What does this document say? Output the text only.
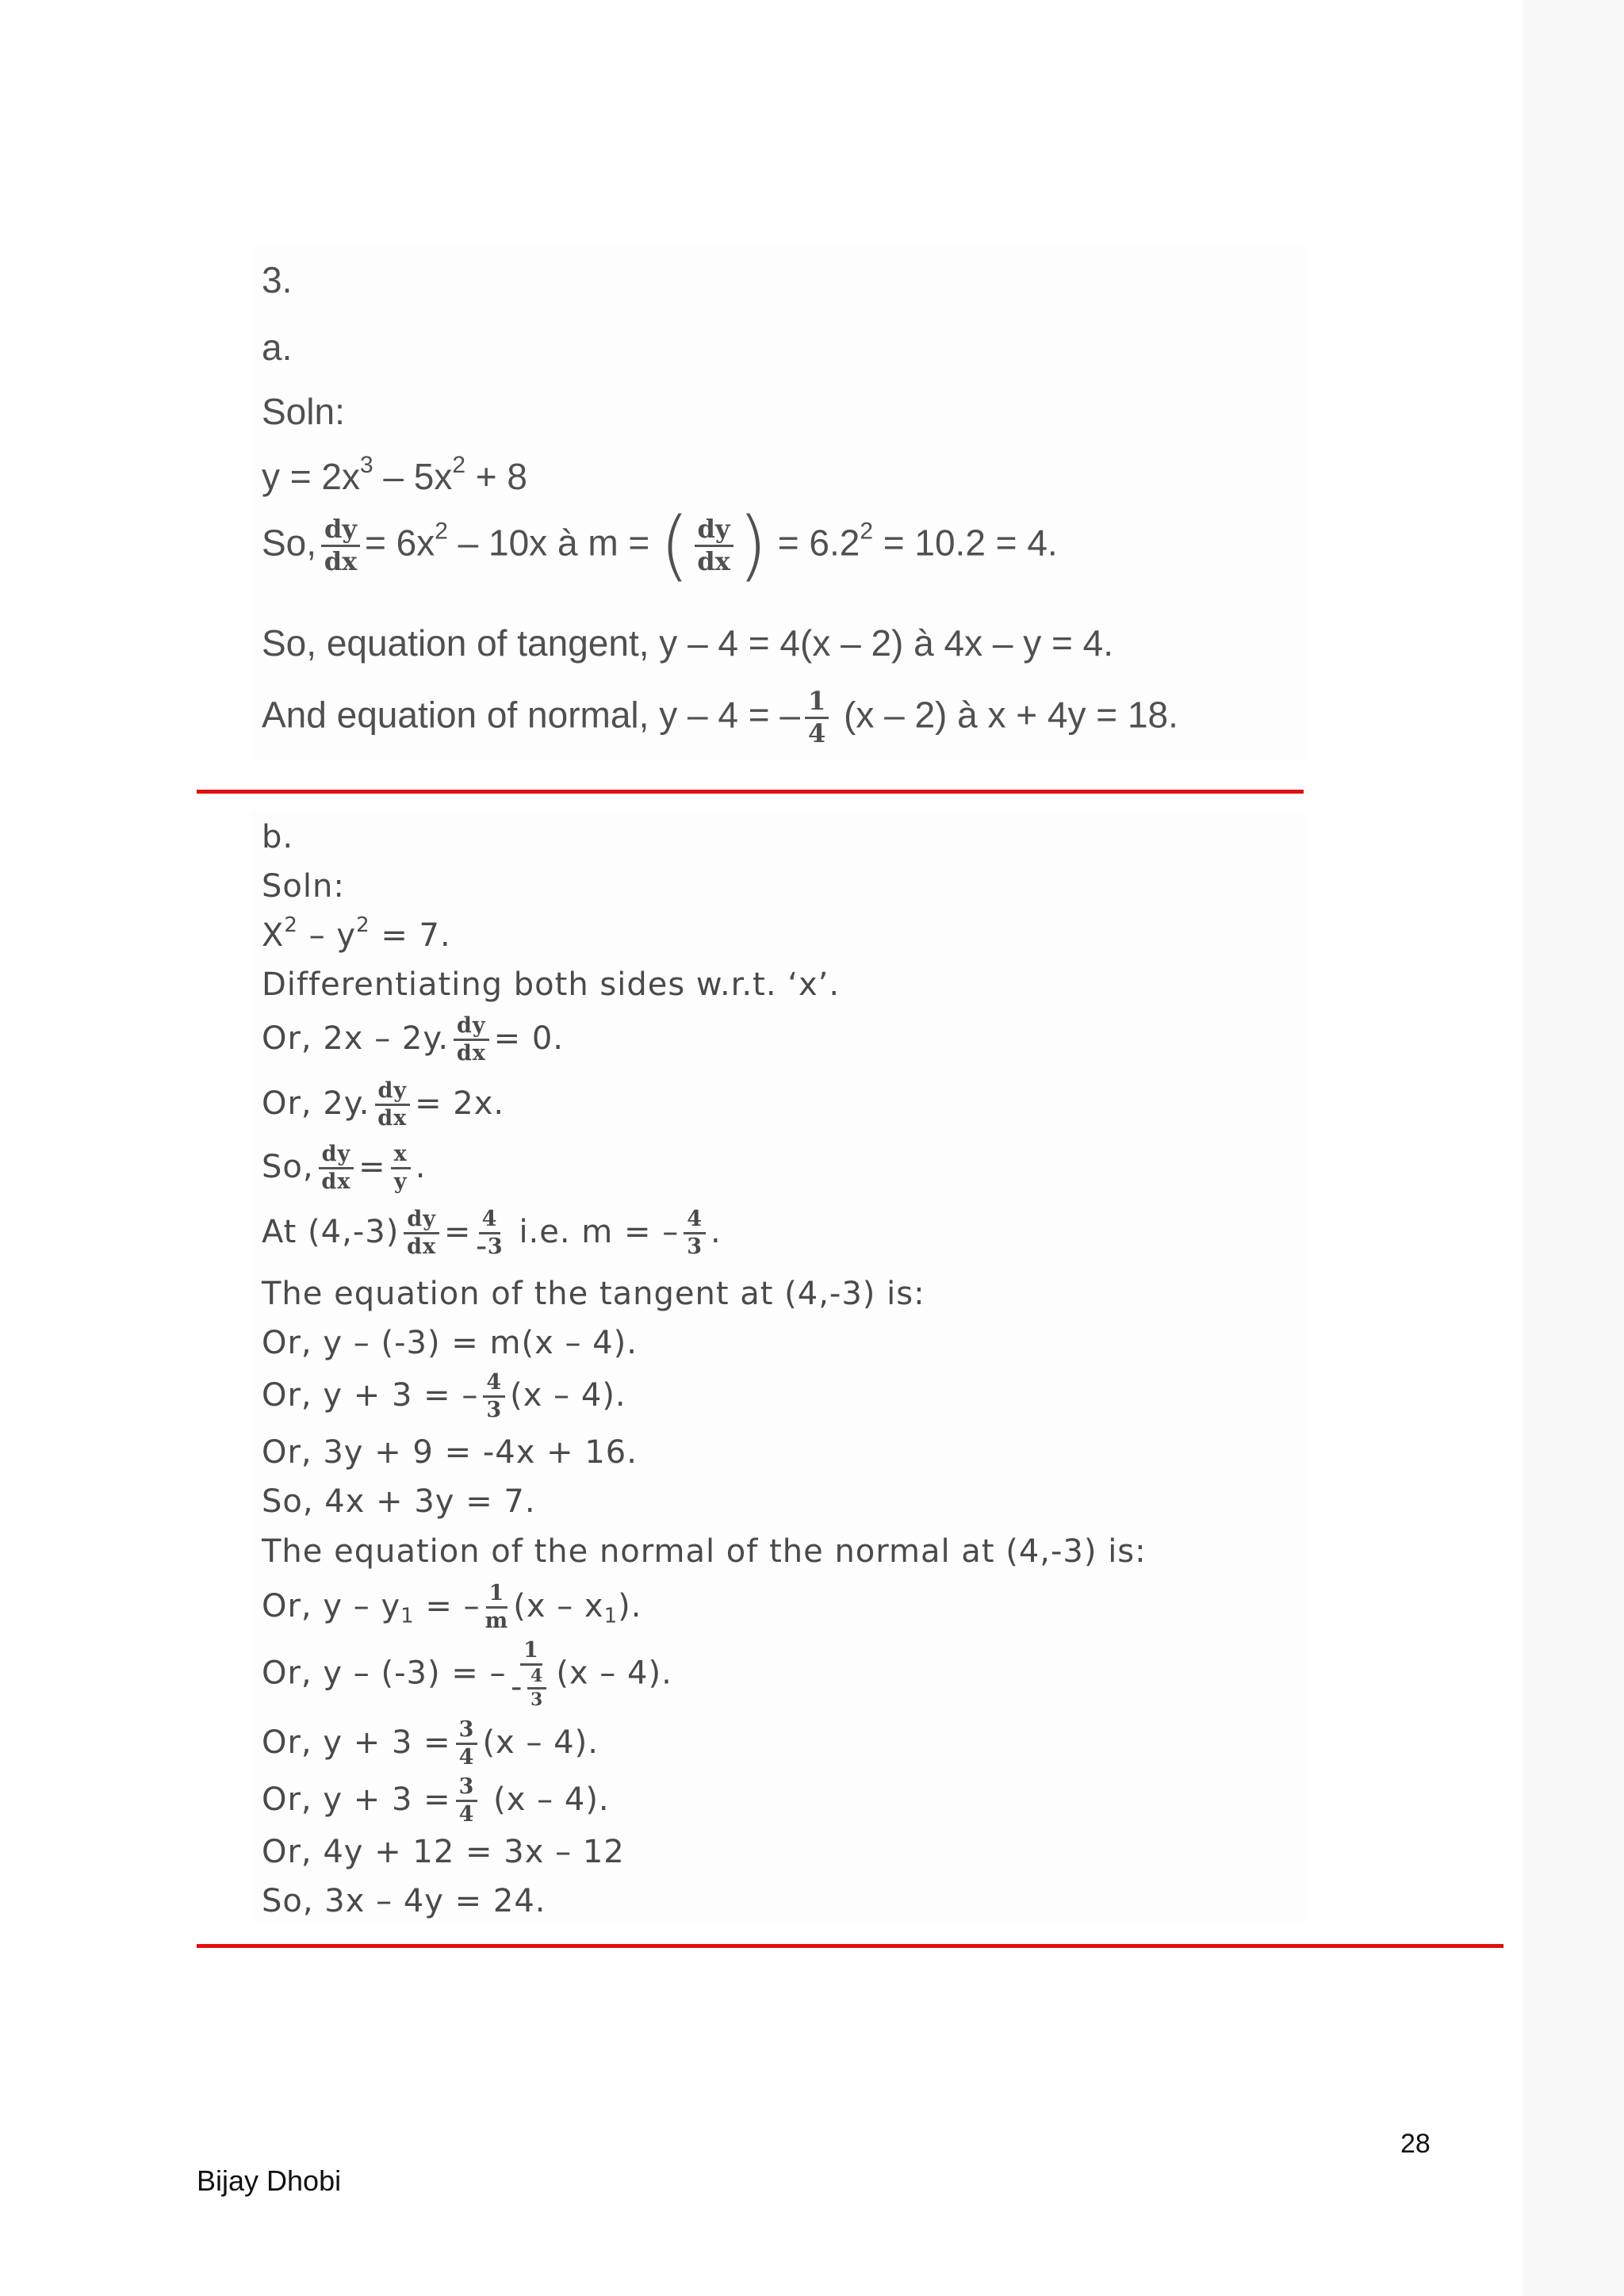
3.
a.
Soln:
$y = 2x^3 - 5x^2 + 8$
So, $\frac{dy}{dx} = 6x^2 - 10x$ à m = ( $\frac{dy}{dx}$ ) = $6.2^2 = 10.2 = 4$.
So, equation of tangent, y – 4 = 4(x – 2) à 4x – y = 4.
And equation of normal, y – 4 = – $\frac{1}{4} (x - 2)$ à x + 4y = 18.
b.
Soln:
$X^2 - y^2 = 7$.
Differentiating both sides w.r.t. ‘x’.
Or, 2x – 2y. $\frac{dy}{dx} = 0$.
Or, 2y. $\frac{dy}{dx} = 2x$.
So, $\frac{dy}{dx} = \frac{x}{y}$ .
At $(4,-3) \frac{dy}{dx} = \frac{4}{-3} i.e$. m = – $\frac{4}{3}$ .
The equation of the tangent at (4,-3) is:
Or, y – (-3) = m(x – 4).
Or, y + 3 = – $\frac{4}{3} (x - 4)$.
Or, 3y + 9 = -4x + 16.
So, 4x + 3y = 7.
The equation of the normal of the normal at (4,-3) is:
Or, y – $y_1$ = – $\frac{1}{m} (x - x_1)$.
Or, y – (-3) = – $\frac{1}{- \frac{4}{3}} (x - 4)$.
Or, $y + 3 = \frac{3}{4} (x - 4)$.
Or, $y + 3 = \frac{3}{4} (x - 4)$.
Or, 4y + 12 = 3x – 12
So, 3x – 4y = 24.
28
Bijay Dhobi
